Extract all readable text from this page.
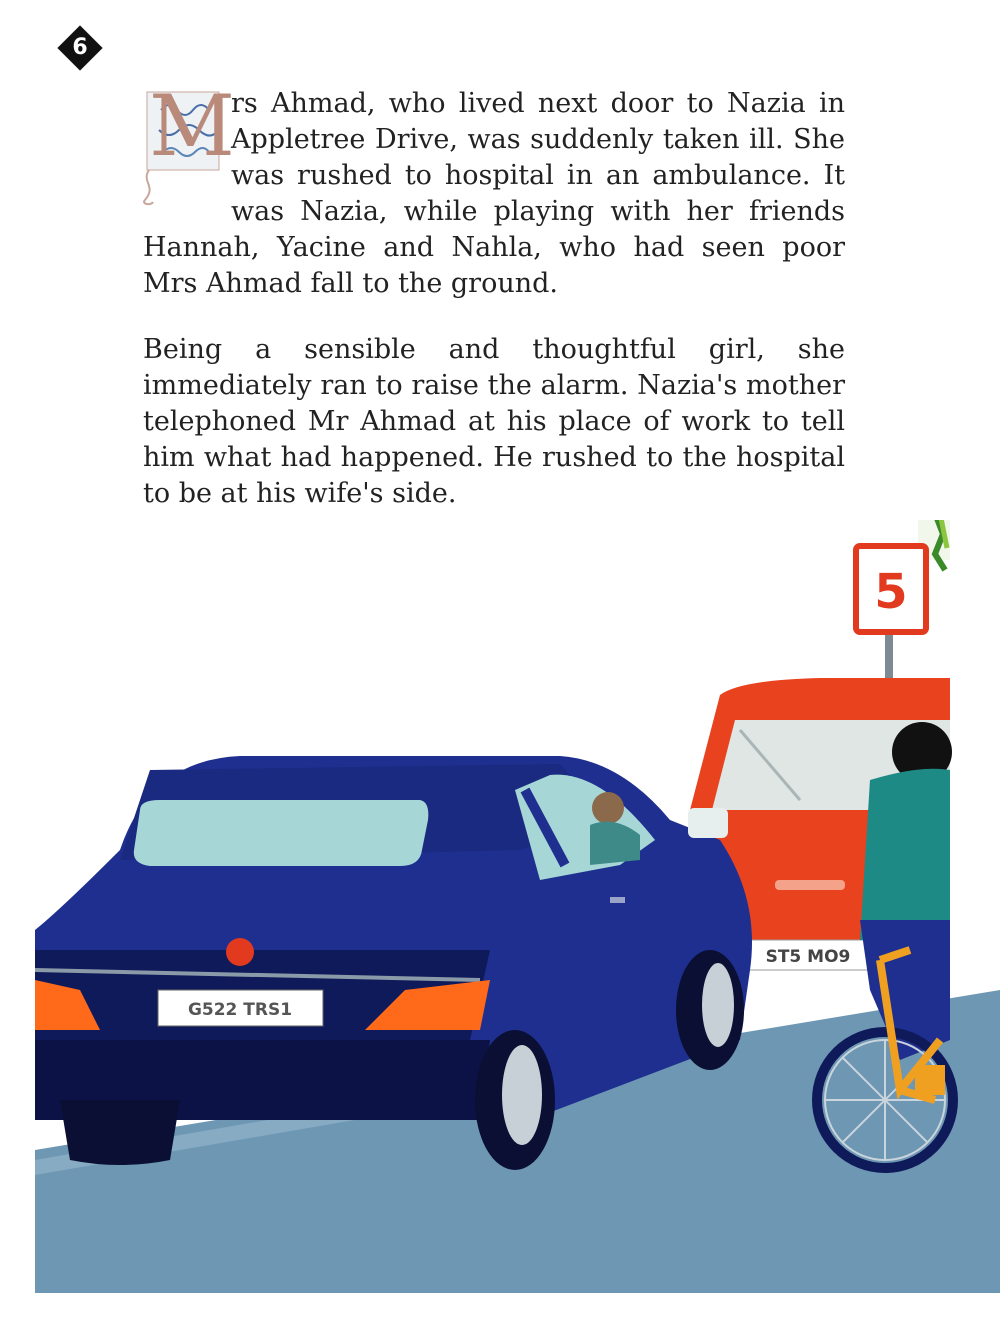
6

M
rs Ahmad, who lived next door to Nazia in Appletree Drive, was suddenly taken ill. She was rushed to hospital in an ambulance. It was Nazia, while playing with her friends Hannah, Yacine and Nahla, who had seen poor Mrs Ahmad fall to the ground.

Being a sensible and thoughtful girl, she immediately ran to raise the alarm. Nazia's mother telephoned Mr Ahmad at his place of work to tell him what had happened. He rushed to the hospital to be at his wife's side.

5
ST5 MO9
G522 TRS1
